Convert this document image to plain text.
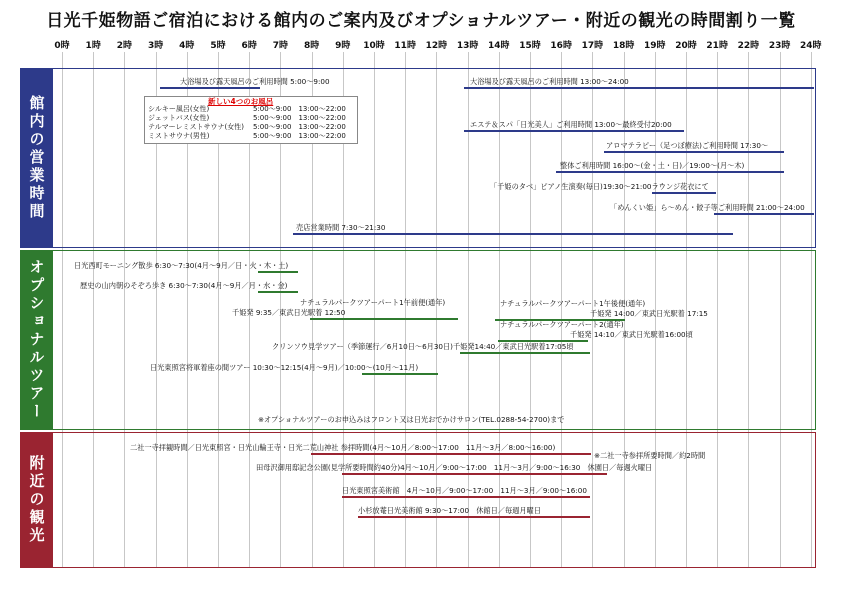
日光千姫物語ご宿泊における館内のご案内及びオプショナルツアー・附近の観光の時間割り一覧
0時 1時 2時 3時 4時 5時 6時 7時 8時 9時 10時 11時 12時 13時 14時 15時 16時 17時 18時 19時 20時 21時 22時 23時 24時
館内の営業時間
オプショナルツアー
附近の観光
大浴場及び露天風呂のご利用時間 5:00～9:00	大浴場及び露天風呂のご利用時間 13:00～24:00
新しい4つのお風呂
シルキー風呂(女性)	5:00～9:00　13:00～22:00
ジェットバス(女性)	5:00～9:00　13:00～22:00
テルマーレミストサウナ(女性) 5:00～9:00　13:00～22:00
ミストサウナ(男性)	5:00～9:00　13:00～22:00
エステ＆スパ「日光美人」ご利用時間 13:00～最終受付20:00
アロマテラピー（足つぼ療法)ご利用時間 17:30～
整体ご利用時間 16:00～(金・土・日)／19:00～(月～木)
「千姫のタベ」ピアノ生演奏(毎日)19:30～21:00ラウンジ花衣にて
「めんくい姫」ら～めん・餃子等ご利用時間 21:00～24:00
売店営業時間 7:30～21:30
日光西町モーニング散歩 6:30～7:30(4月～9月／日・火・木・土)
歴史の山内朝のそぞろ歩き 6:30～7:30(4月～9月／月・水・金)
ナチュラルパークツアーパート1午前便(通年)
千姫発 9:35／東武日光駅着 12:50
ナチュラルパークツアーパート1午後便(通年)
千姫発 14:00／東武日光駅着 17:15
ナチュラルパークツアーパート2(通年)
千姫発 14:10／東武日光駅着16:00頃
クリンソウ見学ツアー（季節運行／6月10日～6月30日)千姫発14:40／東武日光駅着17:05頃
日光東照宮将軍着座の間ツアー 10:30～12:15(4月～9月)／10:00～(10月～11月)
※オプショナルツアーのお申込みはフロント又は日光おでかけサロン(TEL.0288-54-2700)まで
二社一寺拝観時間／日光東照宮・日光山輪王寺・日光二荒山神社 参拝時間(4月～10月／8:00～17:00　11月～3月／8:00～16:00)
※二社一寺参拝所要時間／約2時間
田母沢御用邸記念公園(見学所要時間約40分)4月～10月／9:00～17:00　11月～3月／9:00～16:30　休園日／毎週火曜日
日光東照宮美術館　4月～10月／9:00～17:00　11月～3月／9:00～16:00
小杉放菴日光美術館 9:30～17:00　休館日／毎週月曜日
